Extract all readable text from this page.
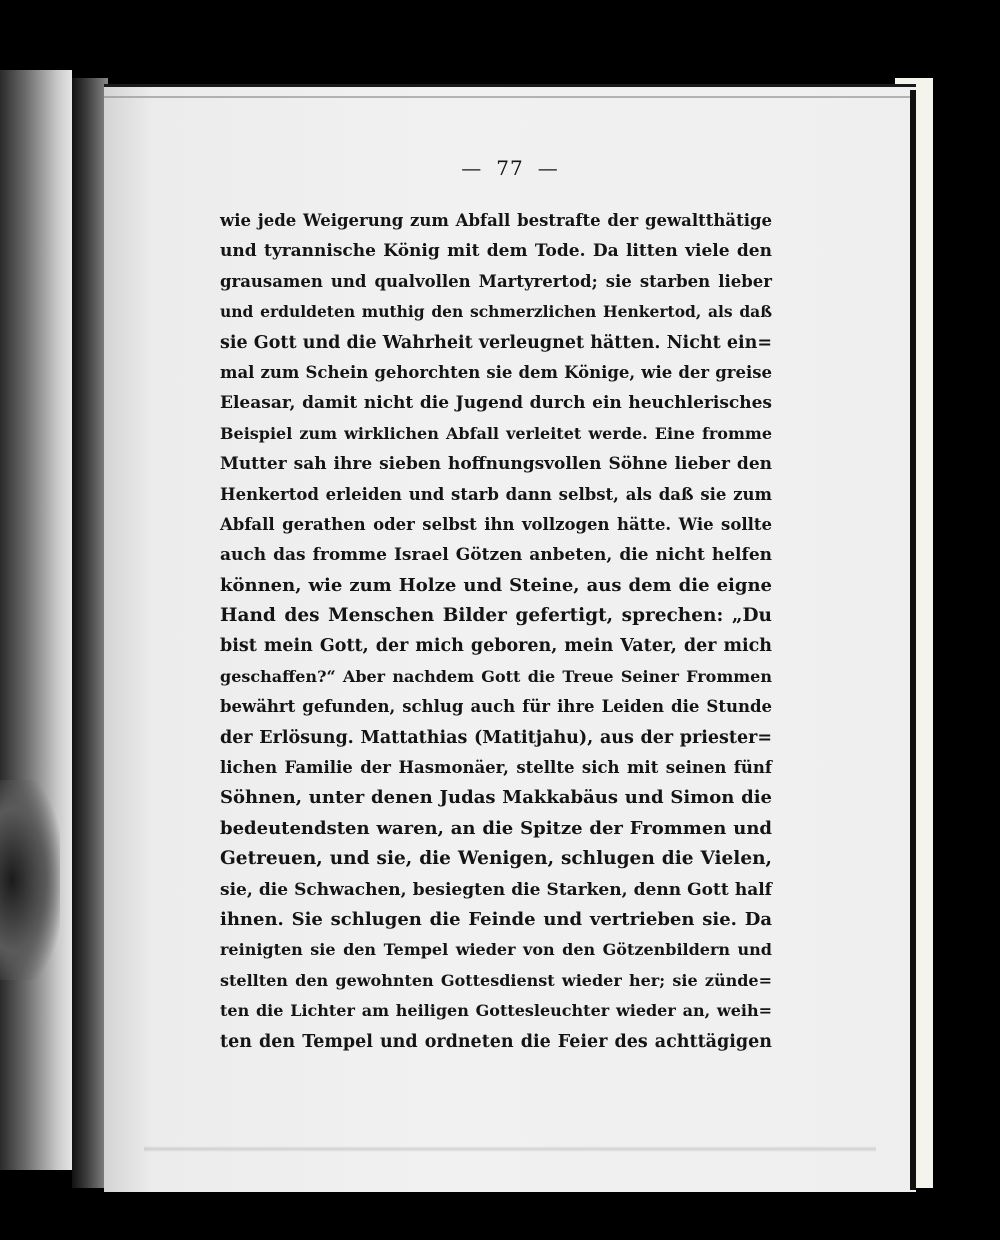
— 77 —
wie jede Weigerung zum Abfall bestrafte der gewaltthätige
und tyrannische König mit dem Tode. Da litten viele den
grausamen und qualvollen Martyrertod; sie starben lieber
und erduldeten muthig den schmerzlichen Henkertod, als daß
sie Gott und die Wahrheit verleugnet hätten. Nicht ein=
mal zum Schein gehorchten sie dem Könige, wie der greise
Eleasar, damit nicht die Jugend durch ein heuchlerisches
Beispiel zum wirklichen Abfall verleitet werde. Eine fromme
Mutter sah ihre sieben hoffnungsvollen Söhne lieber den
Henkertod erleiden und starb dann selbst, als daß sie zum
Abfall gerathen oder selbst ihn vollzogen hätte. Wie sollte
auch das fromme Israel Götzen anbeten, die nicht helfen
können, wie zum Holze und Steine, aus dem die eigne
Hand des Menschen Bilder gefertigt, sprechen: „Du
bist mein Gott, der mich geboren, mein Vater, der mich
geschaffen?“ Aber nachdem Gott die Treue Seiner Frommen
bewährt gefunden, schlug auch für ihre Leiden die Stunde
der Erlösung. Mattathias (Matitjahu), aus der priester=
lichen Familie der Hasmonäer, stellte sich mit seinen fünf
Söhnen, unter denen Judas Makkabäus und Simon die
bedeutendsten waren, an die Spitze der Frommen und
Getreuen, und sie, die Wenigen, schlugen die Vielen,
sie, die Schwachen, besiegten die Starken, denn Gott half
ihnen. Sie schlugen die Feinde und vertrieben sie. Da
reinigten sie den Tempel wieder von den Götzenbildern und
stellten den gewohnten Gottesdienst wieder her; sie zünde=
ten die Lichter am heiligen Gottesleuchter wieder an, weih=
ten den Tempel und ordneten die Feier des achttägigen
